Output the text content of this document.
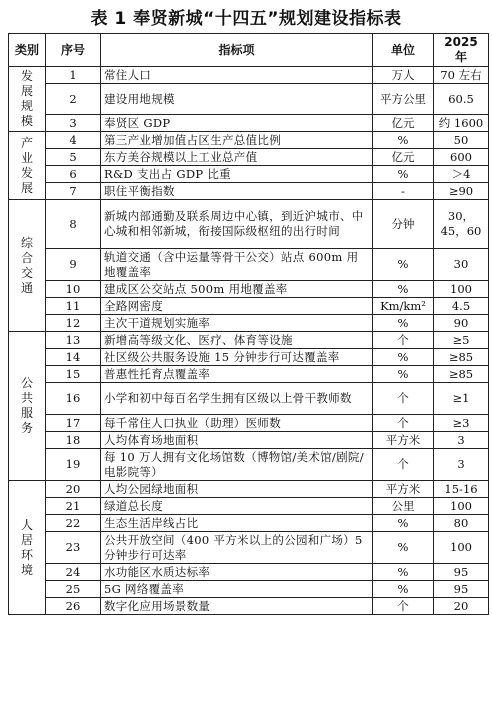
表 1 奉贤新城“十四五”规划建设指标表
类别	序号	指标项	单位	2025 年

发
展
规
模	1	常住人口	万人	70 左右
	2	建设用地规模	平方公里	60.5
	3	奉贤区 GDP	亿元	约 1600

产
业
发
展	4	第三产业增加值占区生产总值比例	%	50
	5	东方美谷规模以上工业总产值	亿元	600
	6	R&D 支出占 GDP 比重	%	＞4
	7	职住平衡指数	-	≥90

综
合
交
通	8	新城内部通勤及联系周边中心镇，到近沪城市、中心城和相邻新城，衔接国际级枢纽的出行时间	分钟	30，45，60
	9	轨道交通（含中运量等骨干公交）站点 600m 用地覆盖率	%	30
	10	建成区公交站点 500m 用地覆盖率	%	100
	11	全路网密度	Km/km²	4.5
	12	主次干道规划实施率	%	90

公
共
服
务	13	新增高等级文化、医疗、体育等设施	个	≥5
	14	社区级公共服务设施 15 分钟步行可达覆盖率	%	≥85
	15	普惠性托育点覆盖率	%	≥85
	16	小学和初中每百名学生拥有区级以上骨干教师数	个	≥1
	17	每千常住人口执业（助理）医师数	个	≥3
	18	人均体育场地面积	平方米	3
	19	每 10 万人拥有文化场馆数（博物馆/美术馆/剧院/电影院等）	个	3

人
居
环
境	20	人均公园绿地面积	平方米	15-16
	21	绿道总长度	公里	100
	22	生态生活岸线占比	%	80
	23	公共开放空间（400 平方米以上的公园和广场）5 分钟步行可达率	%	100
	24	水功能区水质达标率	%	95
	25	5G 网络覆盖率	%	95
	26	数字化应用场景数量	个	20
